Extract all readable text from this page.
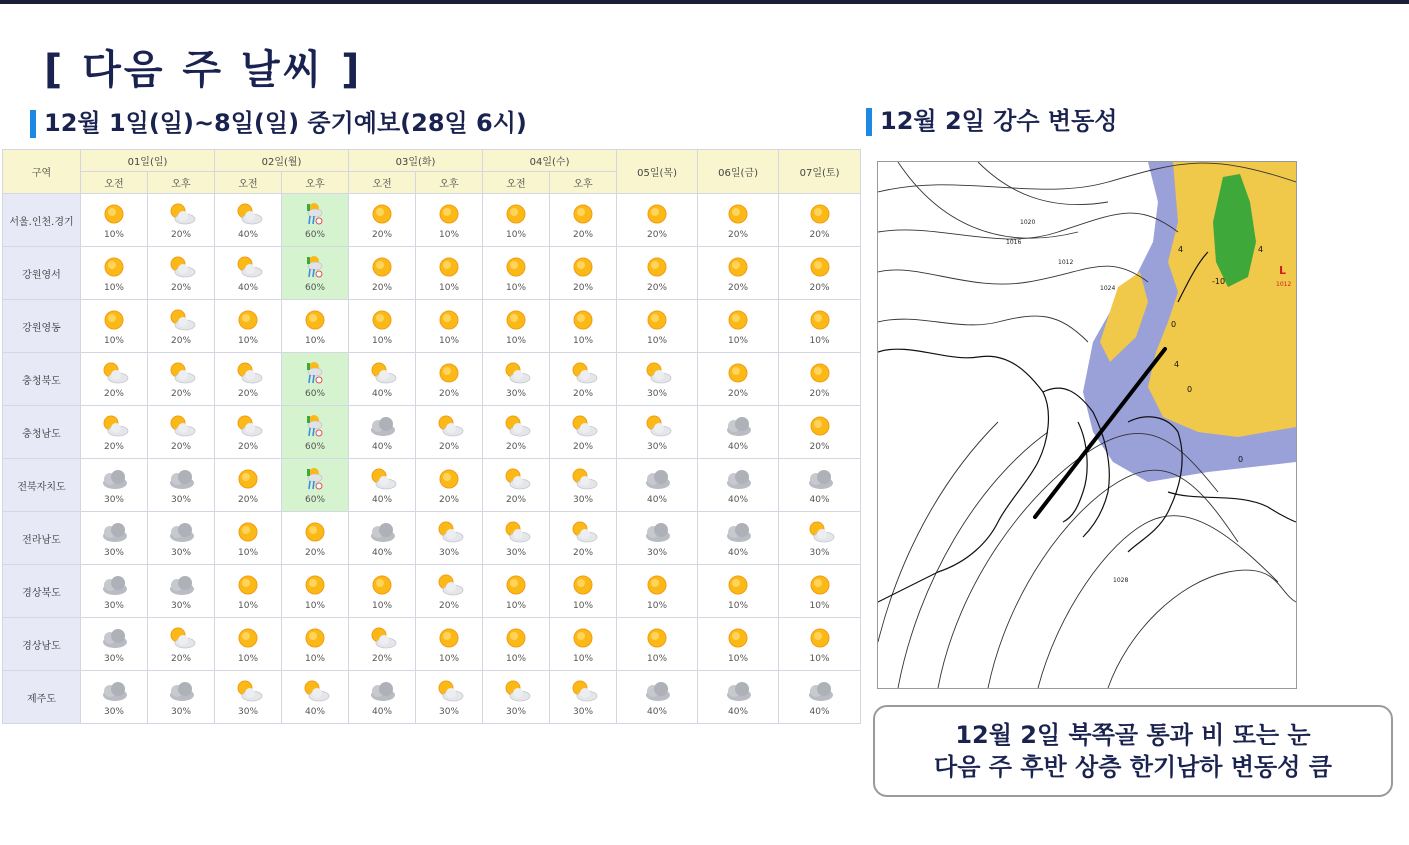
[ 다음 주 날씨 ]
12월 1일(일)~8일(일) 중기예보(28일 6시)	12월 2일 강수 변동성
구역	01일(일)		02일(월)		03일(화)		04일(수)		05일(목)	06일(금)	07일(토)
	오전	오후	오전	오후	오전	오후	오전	오후			
서울.인천.경기	10%	20%	40%	60%	20%	10%	10%	20%	20%	20%	20%

강원영서	10%	20%	40%	60%	20%	10%	10%	20%	20%	20%	20%

강원영동	10%	20%	10%	10%	10%	10%	10%	10%	10%	10%	10%

충청북도	20%	20%	20%	60%	40%	20%	30%	20%	30%	20%	20%

충청남도	20%	20%	20%	60%	40%	20%	20%	20%	30%	40%	20%

전북자치도	30%	30%	20%	60%	40%	20%	20%	30%	40%	40%	40%

전라남도	30%	30%	10%	20%	40%	30%	30%	20%	30%	40%	30%

경상북도	30%	30%	10%	10%	10%	20%	10%	10%	10%	10%	10%

경상남도	30%	20%	10%	10%	20%	10%	10%	10%	10%	10%	10%

제주도	30%	30%	30%	40%	40%	30%	30%	30%	40%	40%	40%
1020
1012
1024
1016
1028
4	4
-10
0
4
0
0
L
1012
12월 2일 북쪽골 통과 비 또는 눈
다음 주 후반 상층 한기남하 변동성 큼
